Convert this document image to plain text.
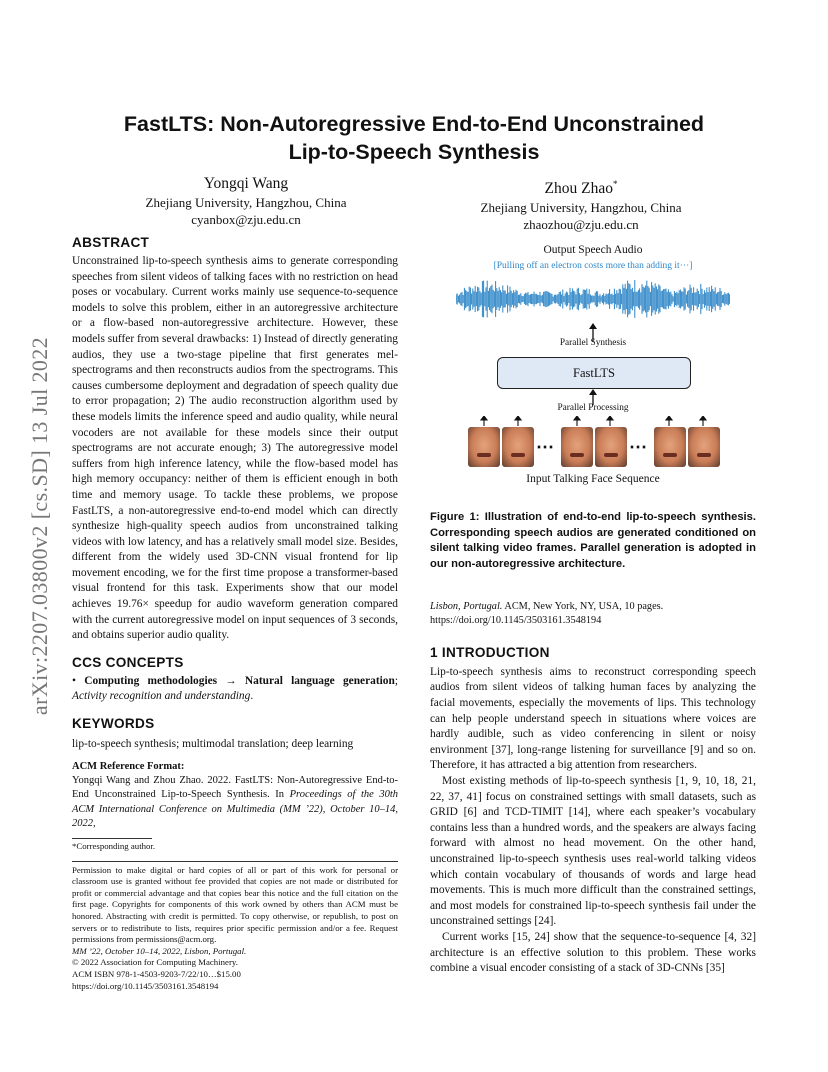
arXiv:2207.03800v2 [cs.SD] 13 Jul 2022
FastLTS: Non-Autoregressive End-to-End Unconstrained
Lip-to-Speech Synthesis
Yongqi Wang
Zhejiang University, Hangzhou, China
cyanbox@zju.edu.cn
Zhou Zhao*
Zhejiang University, Hangzhou, China
zhaozhou@zju.edu.cn
ABSTRACT

Unconstrained lip-to-speech synthesis aims to generate corresponding speeches from silent videos of talking faces with no restriction on head poses or vocabulary. Current works mainly use sequence-to-sequence models to solve this problem, either in an autoregressive architecture or a flow-based non-autoregressive architecture. However, these models suffer from several drawbacks: 1) Instead of directly generating audios, they use a two-stage pipeline that first generates mel-spectrograms and then reconstructs audios from the spectrograms. This causes cumbersome deployment and degradation of speech quality due to error propagation; 2) The audio reconstruction algorithm used by these models limits the inference speed and audio quality, while neural vocoders are not available for these models since their output spectrograms are not accurate enough; 3) The autoregressive model suffers from high inference latency, while the flow-based model has high memory occupancy: neither of them is efficient enough in both time and memory usage. To tackle these problems, we propose FastLTS, a non-autoregressive end-to-end model which can directly synthesize high-quality speech audios from unconstrained talking videos with low latency, and has a relatively small model size. Besides, different from the widely used 3D-CNN visual frontend for lip movement encoding, we for the first time propose a transformer-based visual frontend for this task. Experiments show that our model achieves 19.76× speedup for audio waveform generation compared with the current autoregressive model on input sequences of 3 seconds, and obtains superior audio quality.

CCS CONCEPTS

• Computing methodologies → Natural language generation; Activity recognition and understanding.

KEYWORDS

lip-to-speech synthesis; multimodal translation; deep learning

ACM Reference Format:

Yongqi Wang and Zhou Zhao. 2022. FastLTS: Non-Autoregressive End-to-End Unconstrained Lip-to-Speech Synthesis. In Proceedings of the 30th ACM International Conference on Multimedia (MM ’22), October 10–14, 2022,

*Corresponding author.

Permission to make digital or hard copies of all or part of this work for personal or classroom use is granted without fee provided that copies are not made or distributed for profit or commercial advantage and that copies bear this notice and the full citation on the first page. Copyrights for components of this work owned by others than ACM must be honored. Abstracting with credit is permitted. To copy otherwise, or republish, to post on servers or to redistribute to lists, requires prior specific permission and/or a fee. Request permissions from permissions@acm.org.

MM ’22, October 10–14, 2022, Lisbon, Portugal.

© 2022 Association for Computing Machinery.

ACM ISBN 978-1-4503-9203-7/22/10…$15.00

https://doi.org/10.1145/3503161.3548194

Output Speech Audio
[Pulling off an electron costs more than adding it⋯]
Parallel Synthesis
FastLTS
Parallel Processing
⋯	⋯
Input Talking Face Sequence
Figure 1: Illustration of end-to-end lip-to-speech synthesis. Corresponding speech audios are generated conditioned on silent talking video frames. Parallel generation is adopted in our non-autoregressive architecture.

Lisbon, Portugal. ACM, New York, NY, USA, 10 pages. https://doi.org/10.1145/3503161.3548194

1 INTRODUCTION

Lip-to-speech synthesis aims to reconstruct corresponding speech audios from silent videos of talking human faces by analyzing the facial movements, especially the movements of lips. This technology can help people understand speech in situations where voices are hardly audible, such as video conferencing in silent or noisy environment [37], long-range listening for surveillance [9] and so on. Therefore, it has attracted a big attention from researchers.

Most existing methods of lip-to-speech synthesis [1, 9, 10, 18, 21, 22, 37, 41] focus on constrained settings with small datasets, such as GRID [6] and TCD-TIMIT [14], where each speaker’s vocabulary contains less than a hundred words, and the speakers are always facing forward with almost no head movement. On the other hand, unconstrained lip-to-speech synthesis uses real-world talking videos which contain vocabulary of thousands of words and large head movements. This is much more difficult than the constrained settings, and most models for constrained lip-to-speech synthesis fail under the unconstrained settings [24].

Current works [15, 24] show that the sequence-to-sequence [4, 32] architecture is an effective solution to this problem. These works combine a visual encoder consisting of a stack of 3D-CNNs [35]
